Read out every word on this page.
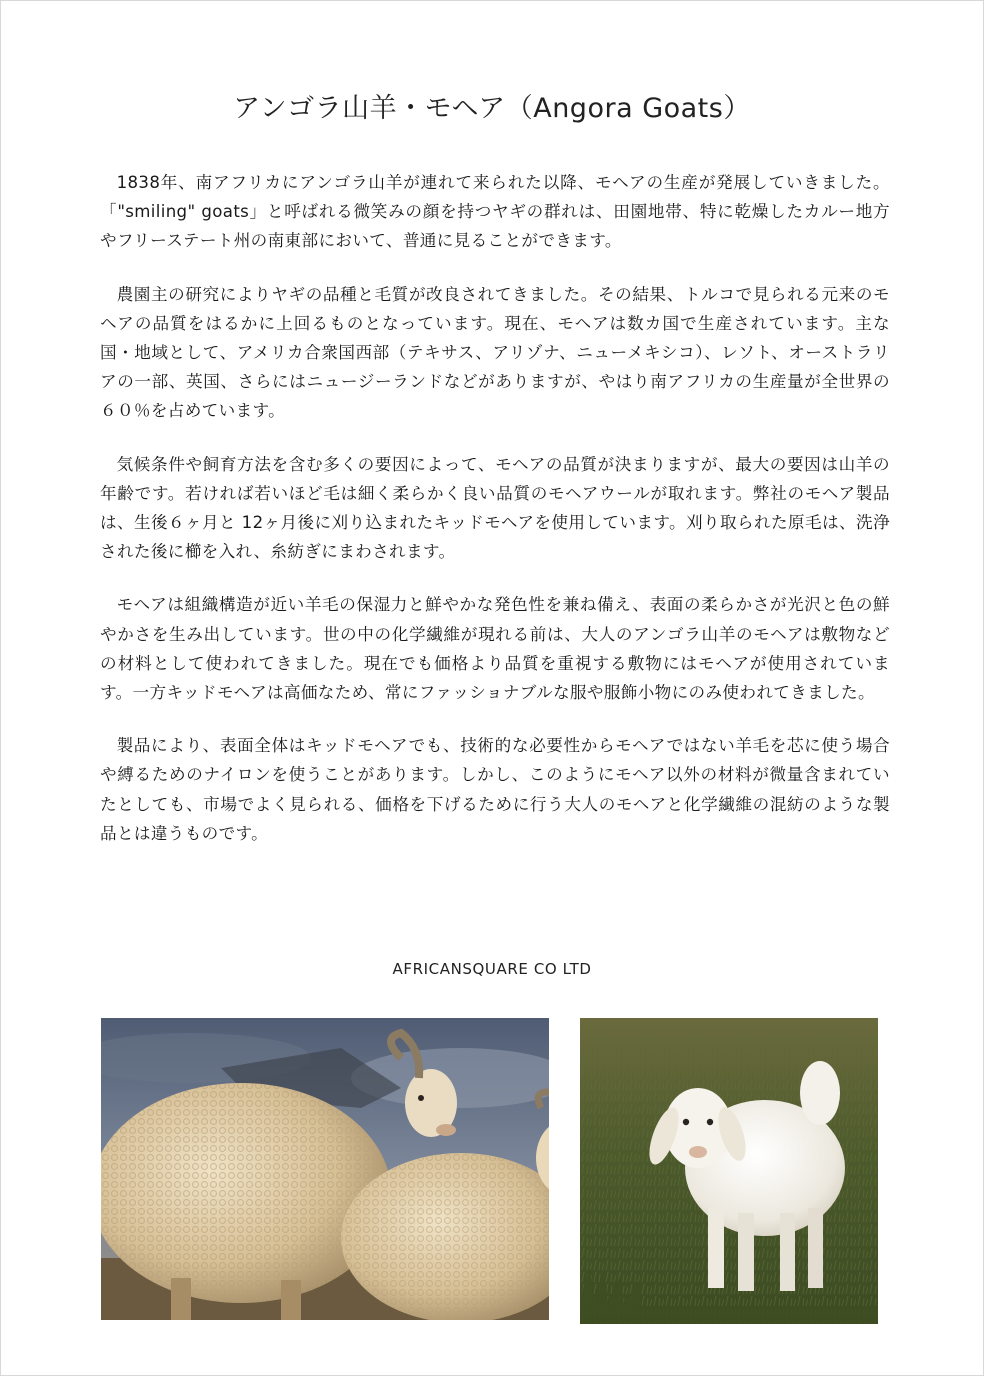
アンゴラ山羊・モヘア（Angora Goats）

1838年、南アフリカにアンゴラ山羊が連れて来られた以降、モヘアの生産が発展していきました。「"smiling" goats」と呼ばれる微笑みの顔を持つヤギの群れは、田園地帯、特に乾燥したカルー地方やフリーステート州の南東部において、普通に見ることができます。

農園主の研究によりヤギの品種と毛質が改良されてきました。その結果、トルコで見られる元来のモヘアの品質をはるかに上回るものとなっています。現在、モヘアは数カ国で生産されています。主な国・地域として、アメリカ合衆国西部（テキサス、アリゾナ、ニューメキシコ）、レソト、オーストラリアの一部、英国、さらにはニュージーランドなどがありますが、やはり南アフリカの生産量が全世界の６０％を占めています。

気候条件や飼育方法を含む多くの要因によって、モヘアの品質が決まりますが、最大の要因は山羊の年齢です。若ければ若いほど毛は細く柔らかく良い品質のモヘアウールが取れます。弊社のモヘア製品は、生後６ヶ月と 12ヶ月後に刈り込まれたキッドモヘアを使用しています。刈り取られた原毛は、洗浄された後に櫛を入れ、糸紡ぎにまわされます。

モヘアは組織構造が近い羊毛の保湿力と鮮やかな発色性を兼ね備え、表面の柔らかさが光沢と色の鮮やかさを生み出しています。世の中の化学繊維が現れる前は、大人のアンゴラ山羊のモヘアは敷物などの材料として使われてきました。現在でも価格より品質を重視する敷物にはモヘアが使用されています。一方キッドモヘアは高価なため、常にファッショナブルな服や服飾小物にのみ使われてきました。

製品により、表面全体はキッドモヘアでも、技術的な必要性からモヘアではない羊毛を芯に使う場合や縛るためのナイロンを使うことがあります。しかし、このようにモヘア以外の材料が微量含まれていたとしても、市場でよく見られる、価格を下げるために行う大人のモヘアと化学繊維の混紡のような製品とは違うものです。

AFRICANSQUARE CO LTD
